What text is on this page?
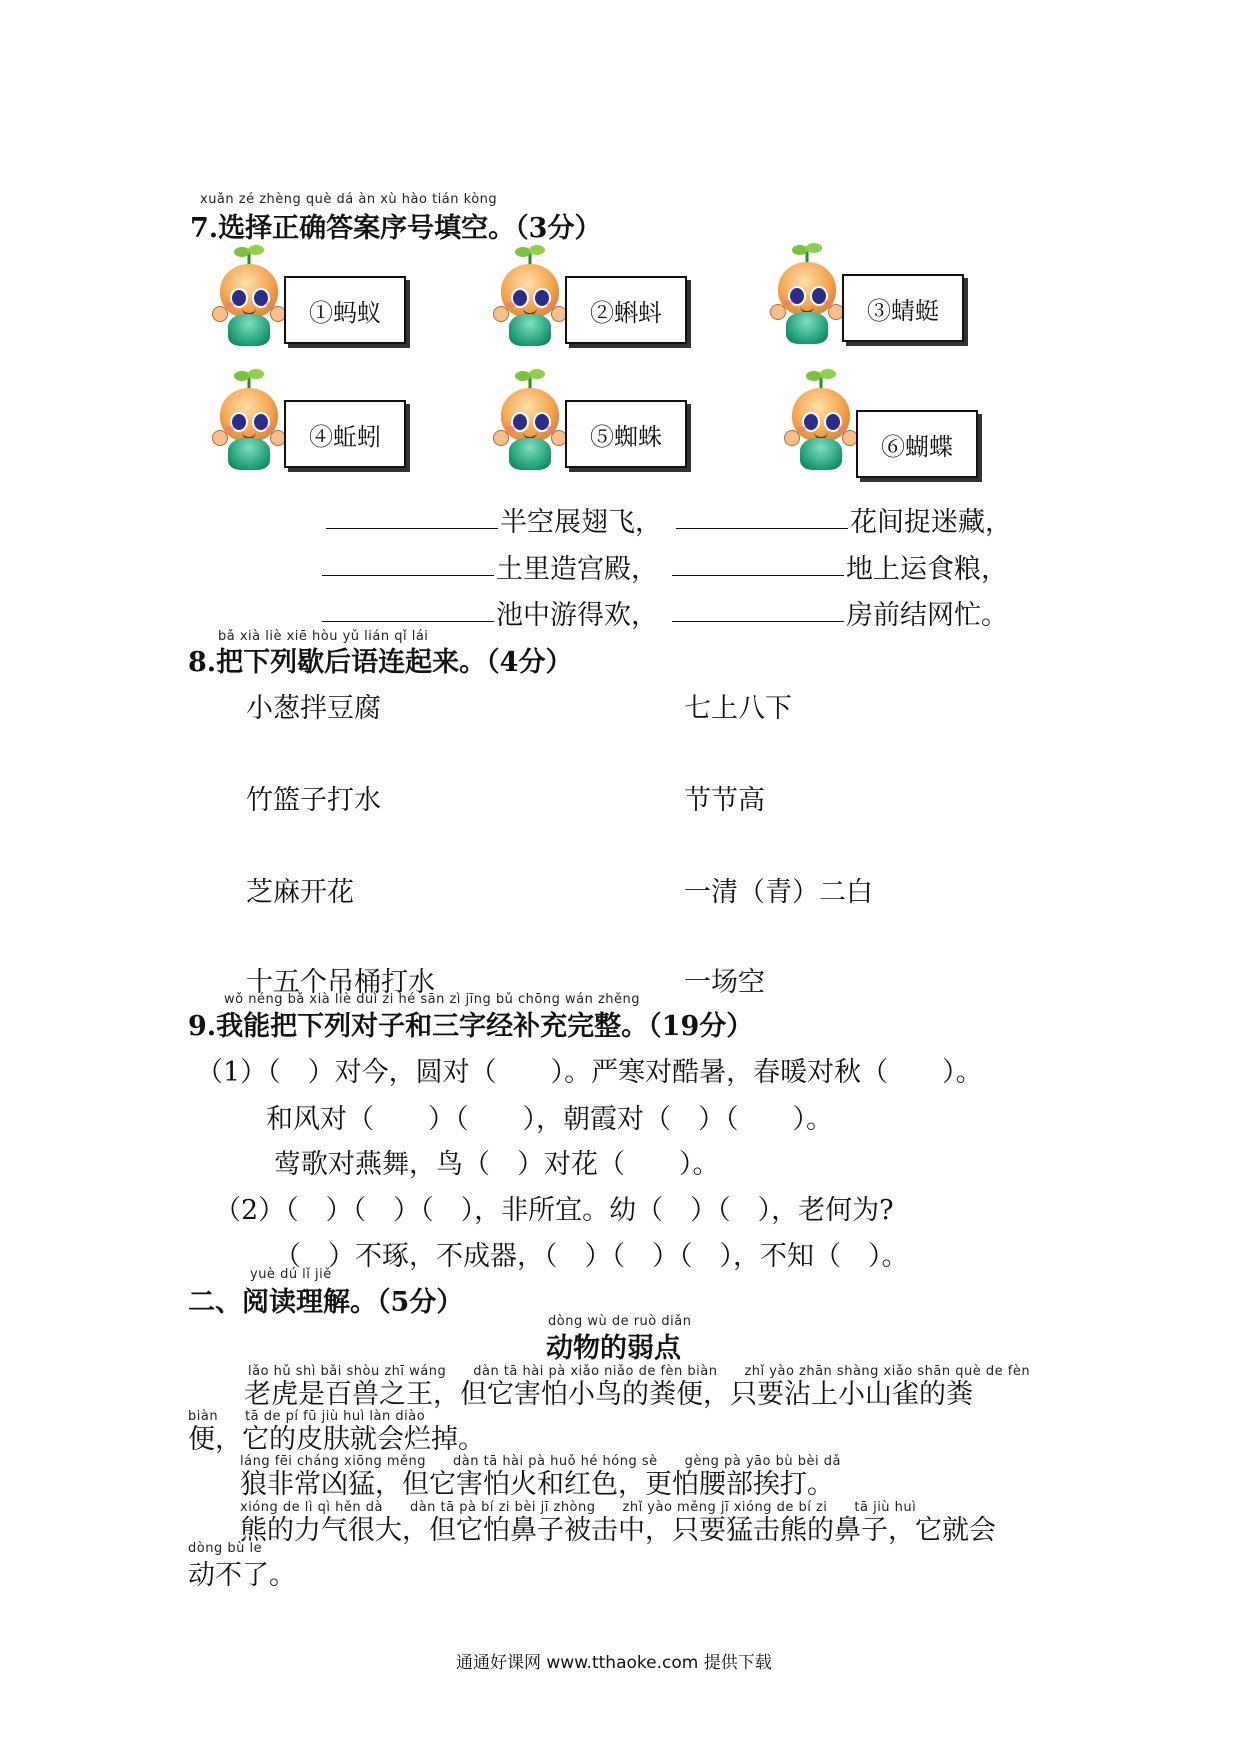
xuǎn zé zhèng què dá àn xù hào tián kòng
7.选择正确答案序号填空。（3分）
①蚂蚁	②蝌蚪	③蜻蜓
④蚯蚓	⑤蜘蛛	⑥蝴蝶
半空展翅飞，	花间捉迷藏，
土里造宫殿，	地上运食粮，
池中游得欢，	房前结网忙。
bǎ xià liè xiē hòu yǔ lián qǐ lái
8.把下列歇后语连起来。（4分）
小葱拌豆腐	七上八下
竹篮子打水	节节高
芝麻开花	一清（青）二白
十五个吊桶打水	一场空
wǒ néng bǎ xià liè duì zi hé sān zì jīng bǔ chōng wán zhěng
9.我能把下列对子和三字经补充完整。（19分）
（1）（　）对今，圆对（　　）。严寒对酷暑，春暖对秋（　　）。
和风对（　　）（　　），朝霞对（　）（　　）。
莺歌对燕舞，鸟（　）对花（　　）。
（2）（　）（　）（　），非所宜。幼（　）（　），老何为?
（　）不琢，不成器，（　）（　）（　），不知（　）。
yuè dú lǐ jiě
二、阅读理解。（5分）
dòng wù de ruò diǎn
动物的弱点
lǎo hǔ shì bǎi shòu zhī wáng　　dàn tā hài pà xiǎo niǎo de fèn biàn　　zhǐ yào zhān shàng xiǎo shān què de fèn
老虎是百兽之王，但它害怕小鸟的粪便，只要沾上小山雀的粪
biàn　　tā de pí fū jiù huì làn diào
便，它的皮肤就会烂掉。
láng fēi cháng xiōng měng　　dàn tā hài pà huǒ hé hóng sè　　gèng pà yāo bù bèi dǎ
狼非常凶猛，但它害怕火和红色，更怕腰部挨打。
xióng de lì qì hěn dà　　dàn tā pà bí zi bèi jī zhòng　　zhǐ yào měng jī xióng de bí zi　　tā jiù huì
熊的力气很大，但它怕鼻子被击中，只要猛击熊的鼻子，它就会
dòng bù le
动不了。
通通好课网 www.tthaoke.com 提供下载
